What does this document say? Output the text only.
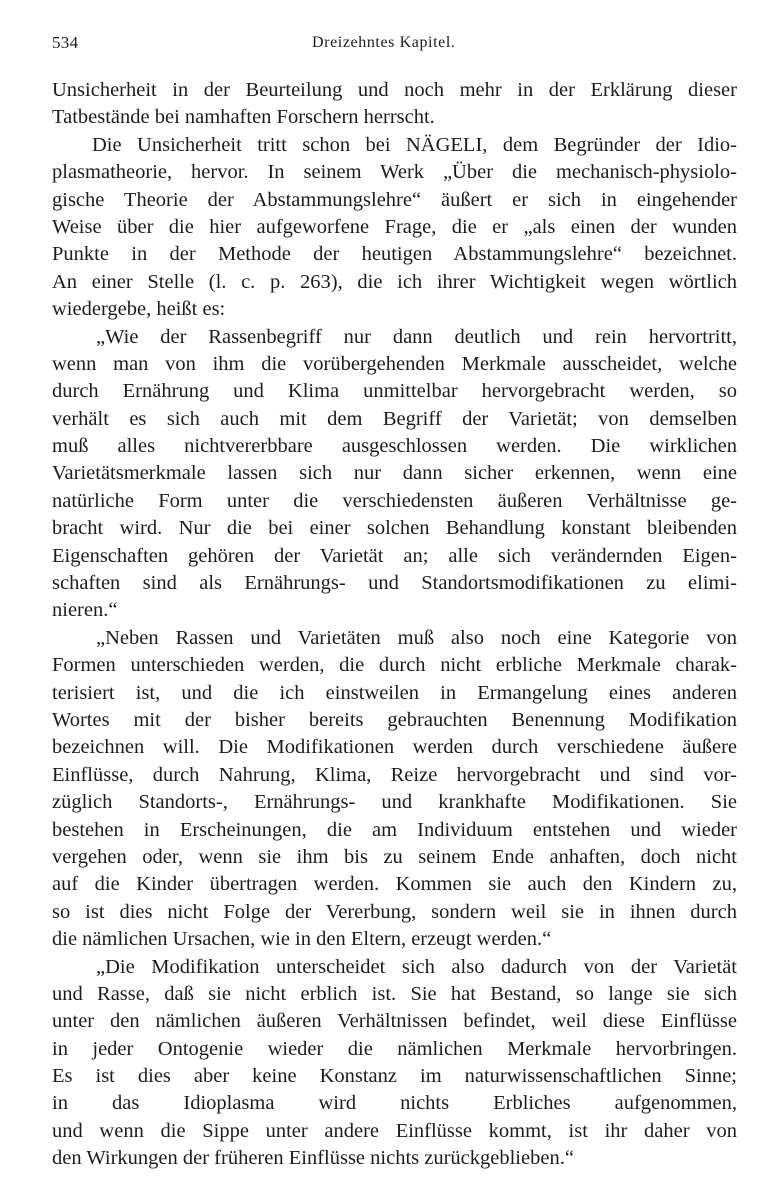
534	Dreizehntes Kapitel.
Unsicherheit in der Beurteilung und noch mehr in der Erklärung dieser
Tatbestände bei namhaften Forschern herrscht.
Die Unsicherheit tritt schon bei NÄGELI, dem Begründer der Idio-
plasmatheorie, hervor. In seinem Werk „Über die mechanisch-physiolo-
gische Theorie der Abstammungslehre“ äußert er sich in eingehender
Weise über die hier aufgeworfene Frage, die er „als einen der wunden
Punkte in der Methode der heutigen Abstammungslehre“ bezeichnet.
An einer Stelle (l. c. p. 263), die ich ihrer Wichtigkeit wegen wörtlich
wiedergebe, heißt es:
„Wie der Rassenbegriff nur dann deutlich und rein hervortritt,
wenn man von ihm die vorübergehenden Merkmale ausscheidet, welche
durch Ernährung und Klima unmittelbar hervorgebracht werden, so
verhält es sich auch mit dem Begriff der Varietät; von demselben
muß alles nichtvererbbare ausgeschlossen werden. Die wirklichen
Varietätsmerkmale lassen sich nur dann sicher erkennen, wenn eine
natürliche Form unter die verschiedensten äußeren Verhältnisse ge-
bracht wird. Nur die bei einer solchen Behandlung konstant bleibenden
Eigenschaften gehören der Varietät an; alle sich verändernden Eigen-
schaften sind als Ernährungs- und Standortsmodifikationen zu elimi-
nieren.“
„Neben Rassen und Varietäten muß also noch eine Kategorie von
Formen unterschieden werden, die durch nicht erbliche Merkmale charak-
terisiert ist, und die ich einstweilen in Ermangelung eines anderen
Wortes mit der bisher bereits gebrauchten Benennung Modifikation
bezeichnen will. Die Modifikationen werden durch verschiedene äußere
Einflüsse, durch Nahrung, Klima, Reize hervorgebracht und sind vor-
züglich Standorts-, Ernährungs- und krankhafte Modifikationen. Sie
bestehen in Erscheinungen, die am Individuum entstehen und wieder
vergehen oder, wenn sie ihm bis zu seinem Ende anhaften, doch nicht
auf die Kinder übertragen werden. Kommen sie auch den Kindern zu,
so ist dies nicht Folge der Vererbung, sondern weil sie in ihnen durch
die nämlichen Ursachen, wie in den Eltern, erzeugt werden.“
„Die Modifikation unterscheidet sich also dadurch von der Varietät
und Rasse, daß sie nicht erblich ist. Sie hat Bestand, so lange sie sich
unter den nämlichen äußeren Verhältnissen befindet, weil diese Einflüsse
in jeder Ontogenie wieder die nämlichen Merkmale hervorbringen.
Es ist dies aber keine Konstanz im naturwissenschaftlichen Sinne;
in das Idioplasma wird nichts Erbliches aufgenommen,
und wenn die Sippe unter andere Einflüsse kommt, ist ihr daher von
den Wirkungen der früheren Einflüsse nichts zurückgeblieben.“
